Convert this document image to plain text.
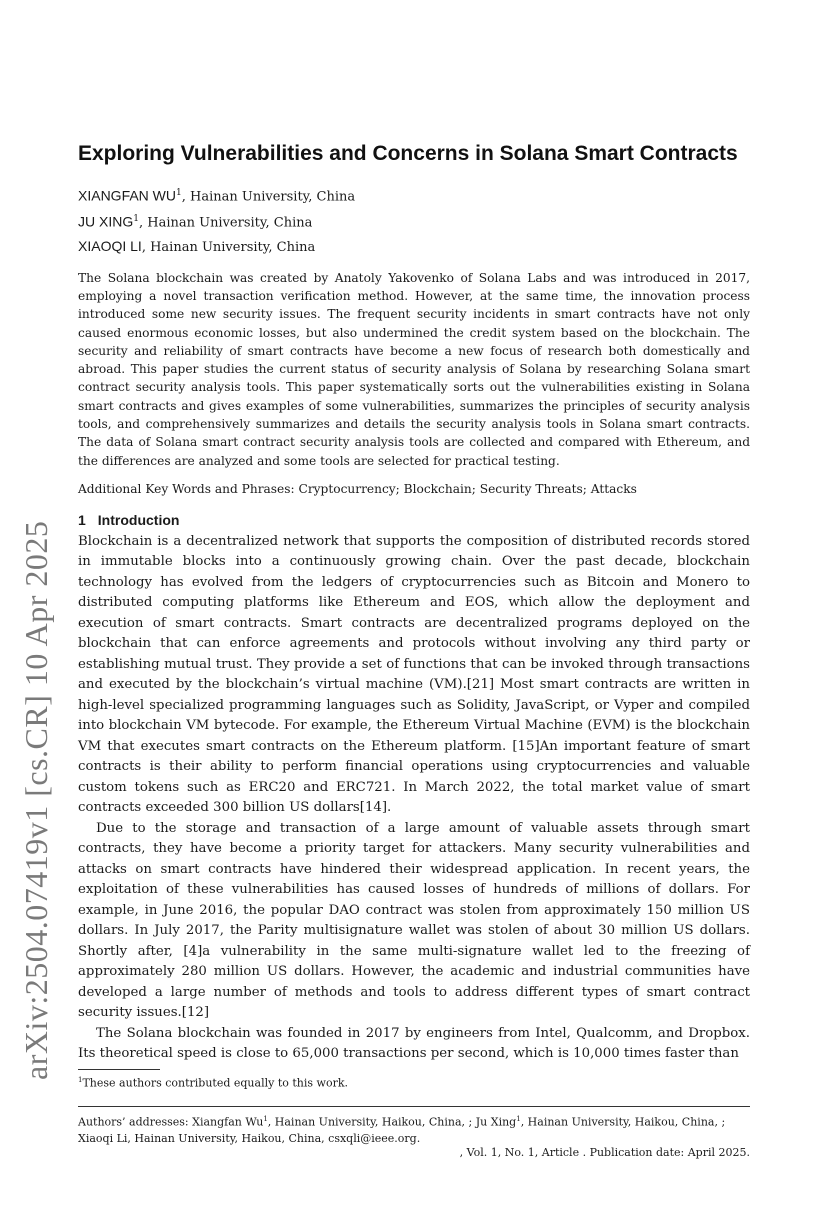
arXiv:2504.07419v1 [cs.CR] 10 Apr 2025
Exploring Vulnerabilities and Concerns in Solana Smart Contracts
XIANGFAN $WU^1$, Hainan University, China
JU XING$^1$, Hainan University, China
XIAOQI LI, Hainan University, China
The Solana blockchain was created by Anatoly Yakovenko of Solana Labs and was introduced in 2017, employing a novel transaction verification method. However, at the same time, the innovation process introduced some new security issues. The frequent security incidents in smart contracts have not only caused enormous economic losses, but also undermined the credit system based on the blockchain. The security and reliability of smart contracts have become a new focus of research both domestically and abroad. This paper studies the current status of security analysis of Solana by researching Solana smart contract security analysis tools. This paper systematically sorts out the vulnerabilities existing in Solana smart contracts and gives examples of some vulnerabilities, summarizes the principles of security analysis tools, and comprehensively summarizes and details the security analysis tools in Solana smart contracts. The data of Solana smart contract security analysis tools are collected and compared with Ethereum, and the differences are analyzed and some tools are selected for practical testing.
Additional Key Words and Phrases: Cryptocurrency; Blockchain; Security Threats; Attacks
1 Introduction

Blockchain is a decentralized network that supports the composition of distributed records stored in immutable blocks into a continuously growing chain. Over the past decade, blockchain technology has evolved from the ledgers of cryptocurrencies such as Bitcoin and Monero to distributed computing platforms like Ethereum and EOS, which allow the deployment and execution of smart contracts. Smart contracts are decentralized programs deployed on the blockchain that can enforce agreements and protocols without involving any third party or establishing mutual trust. They provide a set of functions that can be invoked through transactions and executed by the blockchain’s virtual machine (VM).[21] Most smart contracts are written in high-level specialized programming languages such as Solidity, JavaScript, or Vyper and compiled into blockchain VM bytecode. For example, the Ethereum Virtual Machine (EVM) is the blockchain VM that executes smart contracts on the Ethereum platform. [15]An important feature of smart contracts is their ability to perform financial operations using cryptocurrencies and valuable custom tokens such as ERC20 and ERC721. In March 2022, the total market value of smart contracts exceeded 300 billion US dollars[14].

Due to the storage and transaction of a large amount of valuable assets through smart contracts, they have become a priority target for attackers. Many security vulnerabilities and attacks on smart contracts have hindered their widespread application. In recent years, the exploitation of these vulnerabilities has caused losses of hundreds of millions of dollars. For example, in June 2016, the popular DAO contract was stolen from approximately 150 million US dollars. In July 2017, the Parity multisignature wallet was stolen of about 30 million US dollars. Shortly after, [4]a vulnerability in the same multi-signature wallet led to the freezing of approximately 280 million US dollars. However, the academic and industrial communities have developed a large number of methods and tools to address different types of smart contract security issues.[12]

The Solana blockchain was founded in 2017 by engineers from Intel, Qualcomm, and Dropbox. Its theoretical speed is close to 65,000 transactions per second, which is 10,000 times faster than

$^1$These authors contributed equally to this work.
Authors’ addresses: Xiangfan Wu$^1$, Hainan University, Haikou, China, ; Ju Xing$^1$, Hainan University, Haikou, China, ; Xiaoqi Li, Hainan University, Haikou, China, csxqli@ieee.org.
, Vol. 1, No. 1, Article . Publication date: April 2025.
